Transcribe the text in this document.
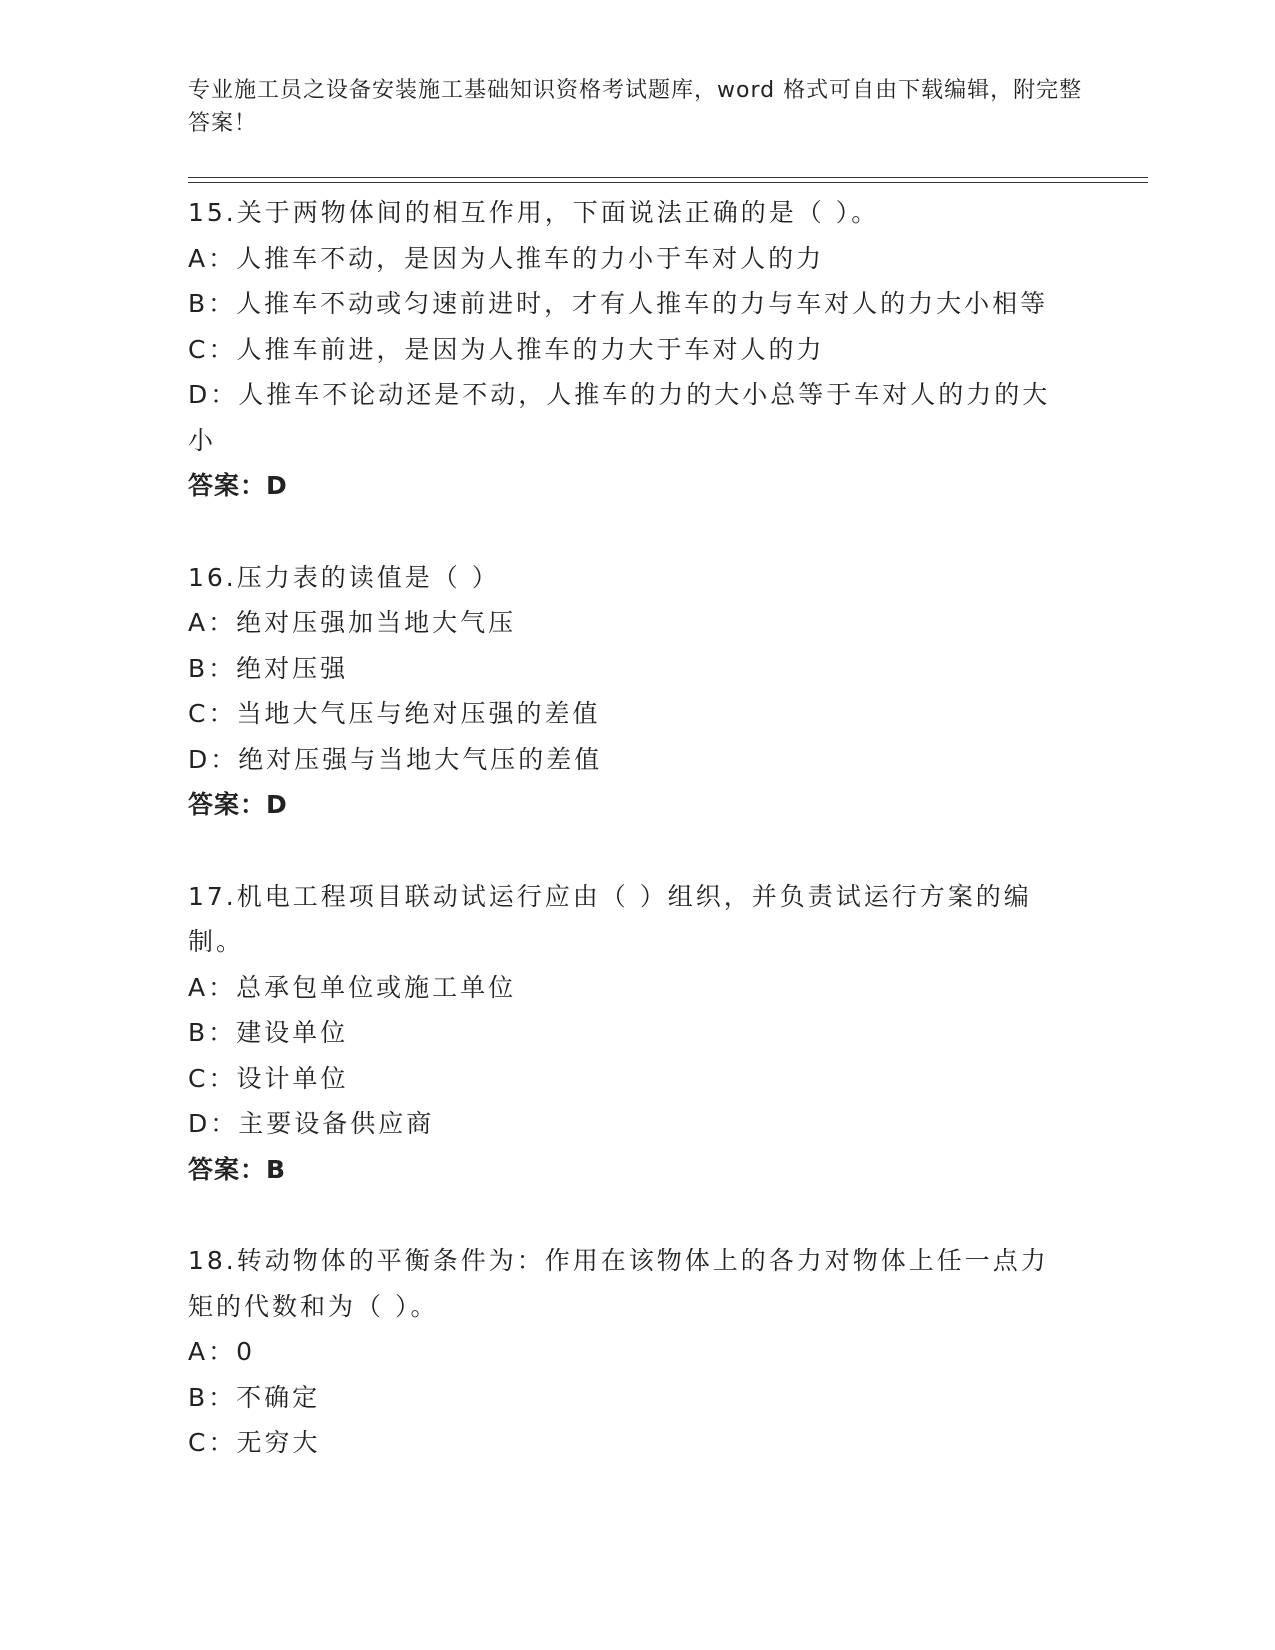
专业施工员之设备安装施工基础知识资格考试题库，word 格式可自由下载编辑，附完整答案！
15.关于两物体间的相互作用，下面说法正确的是（ ）。
A：人推车不动，是因为人推车的力小于车对人的力
B：人推车不动或匀速前进时，才有人推车的力与车对人的力大小相等
C：人推车前进，是因为人推车的力大于车对人的力
D：人推车不论动还是不动，人推车的力的大小总等于车对人的力的大小
答案：D
16.压力表的读值是（ ）
A：绝对压强加当地大气压
B：绝对压强
C：当地大气压与绝对压强的差值
D：绝对压强与当地大气压的差值
答案：D
17.机电工程项目联动试运行应由（ ）组织，并负责试运行方案的编制。
A：总承包单位或施工单位
B：建设单位
C：设计单位
D：主要设备供应商
答案：B
18.转动物体的平衡条件为：作用在该物体上的各力对物体上任一点力矩的代数和为（ ）。
A：0
B：不确定
C：无穷大
